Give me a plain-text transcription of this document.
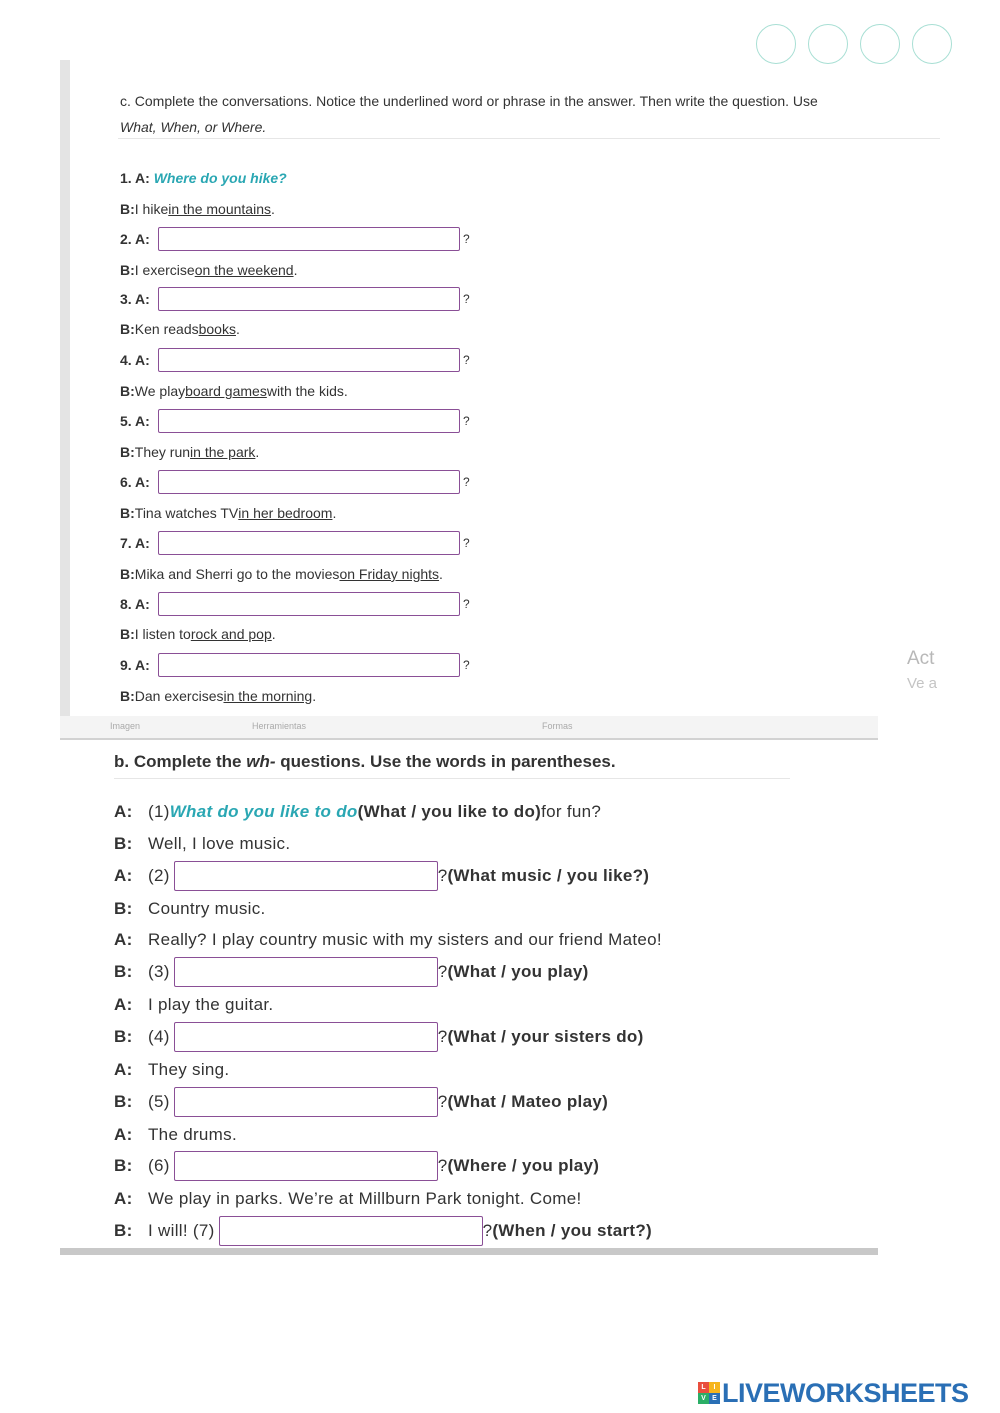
c. Complete the conversations. Notice the underlined word or phrase in the answer. Then write the question. Use
What, When, or Where.
1. A:
Where do you hike?
B: I hike in the mountains .
2. A:	?
B: I exercise on the weekend .
3. A:	?
B: Ken reads books .
4. A:	?
B: We play board games with the kids.
5. A:	?
B: They run in the park .
6. A:	?
B: Tina watches TV in her bedroom .
7. A:	?
B: Mika and Sherri go to the movies on Friday nights .
8. A:	?
B: I listen to rock and pop .
9. A:	?
B: Dan exercises in the morning .
Act
Ve a
Imagen	Herramientas	Formas
b. Complete the wh- questions. Use the words in parentheses.
A: (1) What do you like to do (What / you like to do) for fun?
B: Well, I love music.
A: (2)	? (What music / you like?)
B: Country music.
A: Really? I play country music with my sisters and our friend Mateo!
B: (3)	? (What / you play)
A: I play the guitar.
B: (4)	? (What / your sisters do)
A: They sing.
B: (5)	? (What / Mateo play)
A: The drums.
B: (6)	? (Where / you play)
A: We play in parks. We’re at Millburn Park tonight. Come!
B: I will! (7)	? (When / you start?)
L	I
V E LIVEWORKSHEETS
